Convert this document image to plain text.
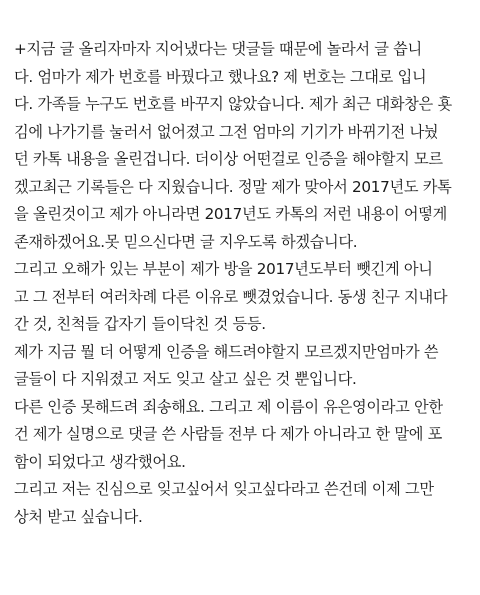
+지금 글 올리자마자 지어냈다는 댓글들 때문에 놀라서 글 씁니
다. 엄마가 제가 번호를 바꿨다고 했나요? 제 번호는 그대로 입니
다. 가족들 누구도 번호를 바꾸지 않았습니다. 제가 최근 대화창은 횻
김에 나가기를 눌러서 없어졌고 그전 엄마의 기기가 바뀌기전 나눴
던 카톡 내용을 올린겁니다. 더이상 어떤걸로 인증을 해야할지 모르
겠고최근 기록들은 다 지웠습니다. 정말 제가 맞아서 2017년도 카톡
을 올린것이고 제가 아니라면 2017년도 카톡의 저런 내용이 어떻게
존재하겠어요.못 믿으신다면 글 지우도록 하겠습니다.
그리고 오해가 있는 부분이 제가 방을 2017년도부터 뺏긴게 아니
고 그 전부터 여러차례 다른 이유로 뺏겼었습니다. 동생 친구 지내다
간 것, 친척들 갑자기 들이닥친 것 등등.
제가 지금 뭘 더 어떻게 인증을 해드려야할지 모르겠지만엄마가 쓴
글들이 다 지워졌고 저도 잊고 살고 싶은 것 뿐입니다.
다른 인증 못해드려 죄송해요. 그리고 제 이름이 유은영이라고 안한
건 제가 실명으로 댓글 쓴 사람들 전부 다 제가 아니라고 한 말에 포
함이 되었다고 생각했어요.
그리고 저는 진심으로 잊고싶어서 잊고싶다라고 쓴건데 이제 그만
상처 받고 싶습니다.
